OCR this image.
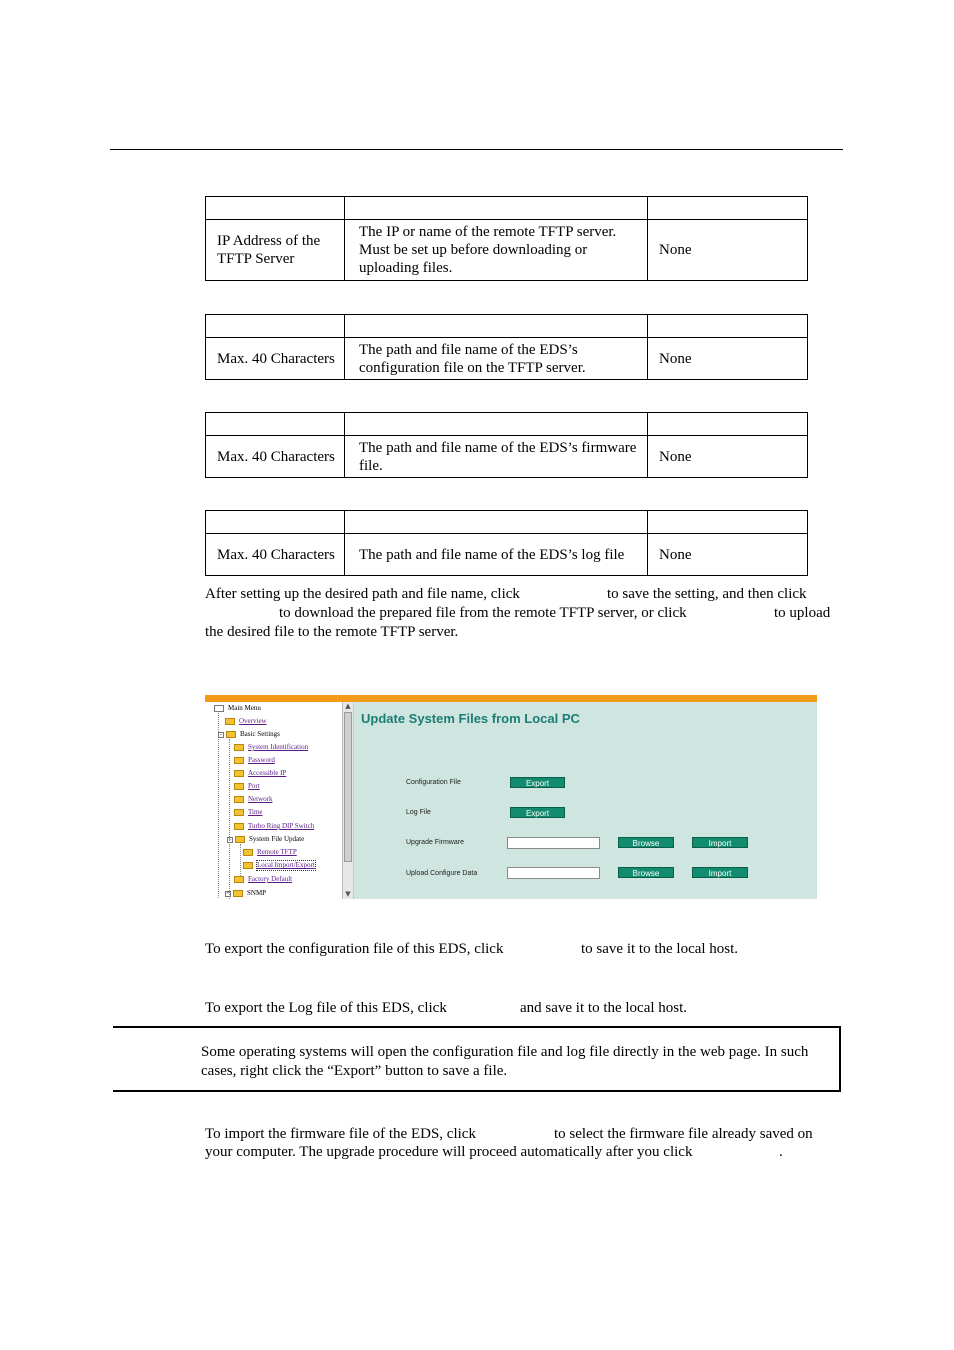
IP Address of the TFTP Server	The IP or name of the remote TFTP server. Must be set up before downloading or uploading files.	None

Max. 40 Characters	The path and file name of the EDS’s configuration file on the TFTP server.	None

Max. 40 Characters	The path and file name of the EDS’s firmware file.	None

Max. 40 Characters	The path and file name of the EDS’s log file	None
After setting up the desired path and file name, click	to save the setting, and then click
to download the prepared file from the remote TFTP server, or click	to upload
the desired file to the remote TFTP server.
Main Menu
Overview
-	Basic Settings
System Identification
Password
Accessible IP
Port
Network
Time
Turbo Ring DIP Switch
-	System File Update
Remote TFTP
Local Import/Export
Factory Default
+ SNMP
▲
▼
Update System Files from Local PC
Configuration File	Export
Log File	Export
Upgrade Firmware	Browse	Import
Upload Configure Data	Browse	Import
To export the configuration file of this EDS, click	to save it to the local host.
To export the Log file of this EDS, click	and save it to the local host.
Some operating systems will open the configuration file and log file directly in the web page. In such cases, right click the “Export” button to save a file.
To import the firmware file of the EDS, click	to select the firmware file already saved on
your computer. The upgrade procedure will proceed automatically after you click	.
